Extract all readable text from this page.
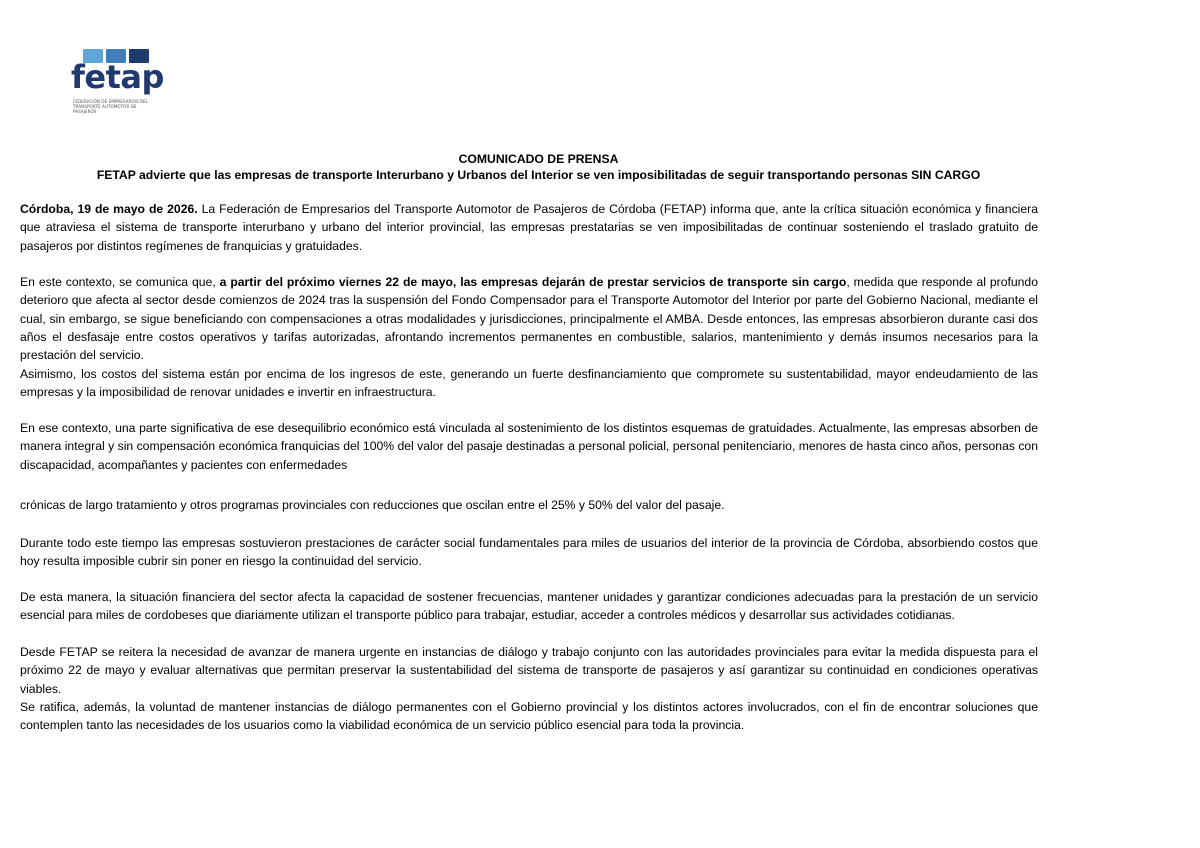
fetap
FEDERACIÓN DE EMPRESARIOS DEL TRANSPORTE AUTOMOTOR DE PASAJEROS
COMUNICADO DE PRENSA
FETAP advierte que las empresas de transporte Interurbano y Urbanos del Interior se ven imposibilitadas de seguir transportando personas SIN CARGO

Córdoba, 19 de mayo de 2026. La Federación de Empresarios del Transporte Automotor de Pasajeros de Córdoba (FETAP) informa que, ante la crítica situación económica y financiera que atraviesa el sistema de transporte interurbano y urbano del interior provincial, las empresas prestatarias se ven imposibilitadas de continuar sosteniendo el traslado gratuito de pasajeros por distintos regímenes de franquicias y gratuidades.

En este contexto, se comunica que, a partir del próximo viernes 22 de mayo, las empresas dejarán de prestar servicios de transporte sin cargo, medida que responde al profundo deterioro que afecta al sector desde comienzos de 2024 tras la suspensión del Fondo Compensador para el Transporte Automotor del Interior por parte del Gobierno Nacional, mediante el cual, sin embargo, se sigue beneficiando con compensaciones a otras modalidades y jurisdicciones, principalmente el AMBA. Desde entonces, las empresas absorbieron durante casi dos años el desfasaje entre costos operativos y tarifas autorizadas, afrontando incrementos permanentes en combustible, salarios, mantenimiento y demás insumos necesarios para la prestación del servicio.

Asimismo, los costos del sistema están por encima de los ingresos de este, generando un fuerte desfinanciamiento que compromete su sustentabilidad, mayor endeudamiento de las empresas y la imposibilidad de renovar unidades e invertir en infraestructura.

En ese contexto, una parte significativa de ese desequilibrio económico está vinculada al sostenimiento de los distintos esquemas de gratuidades. Actualmente, las empresas absorben de manera integral y sin compensación económica franquicias del 100% del valor del pasaje destinadas a personal policial, personal penitenciario, menores de hasta cinco años, personas con discapacidad, acompañantes y pacientes con enfermedades

crónicas de largo tratamiento y otros programas provinciales con reducciones que oscilan entre el 25% y 50% del valor del pasaje.

Durante todo este tiempo las empresas sostuvieron prestaciones de carácter social fundamentales para miles de usuarios del interior de la provincia de Córdoba, absorbiendo costos que hoy resulta imposible cubrir sin poner en riesgo la continuidad del servicio.

De esta manera, la situación financiera del sector afecta la capacidad de sostener frecuencias, mantener unidades y garantizar condiciones adecuadas para la prestación de un servicio esencial para miles de cordobeses que diariamente utilizan el transporte público para trabajar, estudiar, acceder a controles médicos y desarrollar sus actividades cotidianas.

Desde FETAP se reitera la necesidad de avanzar de manera urgente en instancias de diálogo y trabajo conjunto con las autoridades provinciales para evitar la medida dispuesta para el próximo 22 de mayo y evaluar alternativas que permitan preservar la sustentabilidad del sistema de transporte de pasajeros y así garantizar su continuidad en condiciones operativas viables.

Se ratifica, además, la voluntad de mantener instancias de diálogo permanentes con el Gobierno provincial y los distintos actores involucrados, con el fin de encontrar soluciones que contemplen tanto las necesidades de los usuarios como la viabilidad económica de un servicio público esencial para toda la provincia.
